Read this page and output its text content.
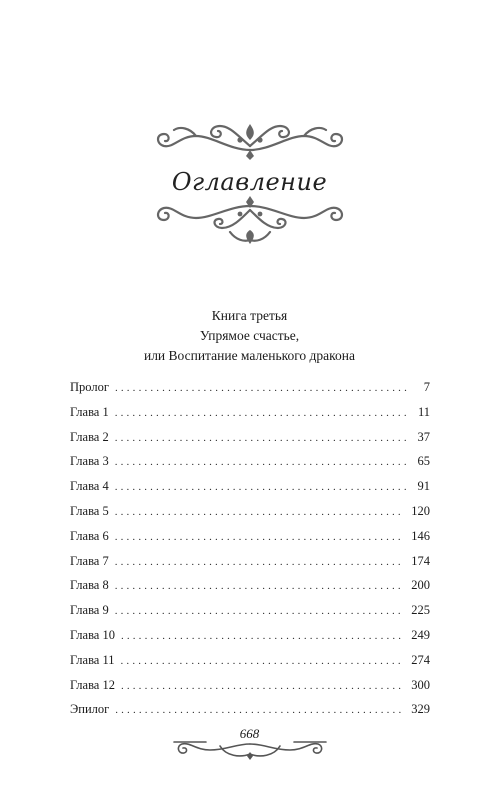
Оглавление
Книга третья
Упрямое счастье,
или Воспитание маленького дракона
Пролог . . .	7
Глава 1 . . .	11
Глава 2 . . .	37
Глава 3 . . .	65
Глава 4 . . .	91
Глава 5 . . .	120
Глава 6 . . .	146
Глава 7 . . .	174
Глава 8 . . .	200
Глава 9 . . .	225
Глава 10 . . .	249
Глава 11 . . .	274
Глава 12 . . .	300
Эпилог . . .	329
668
